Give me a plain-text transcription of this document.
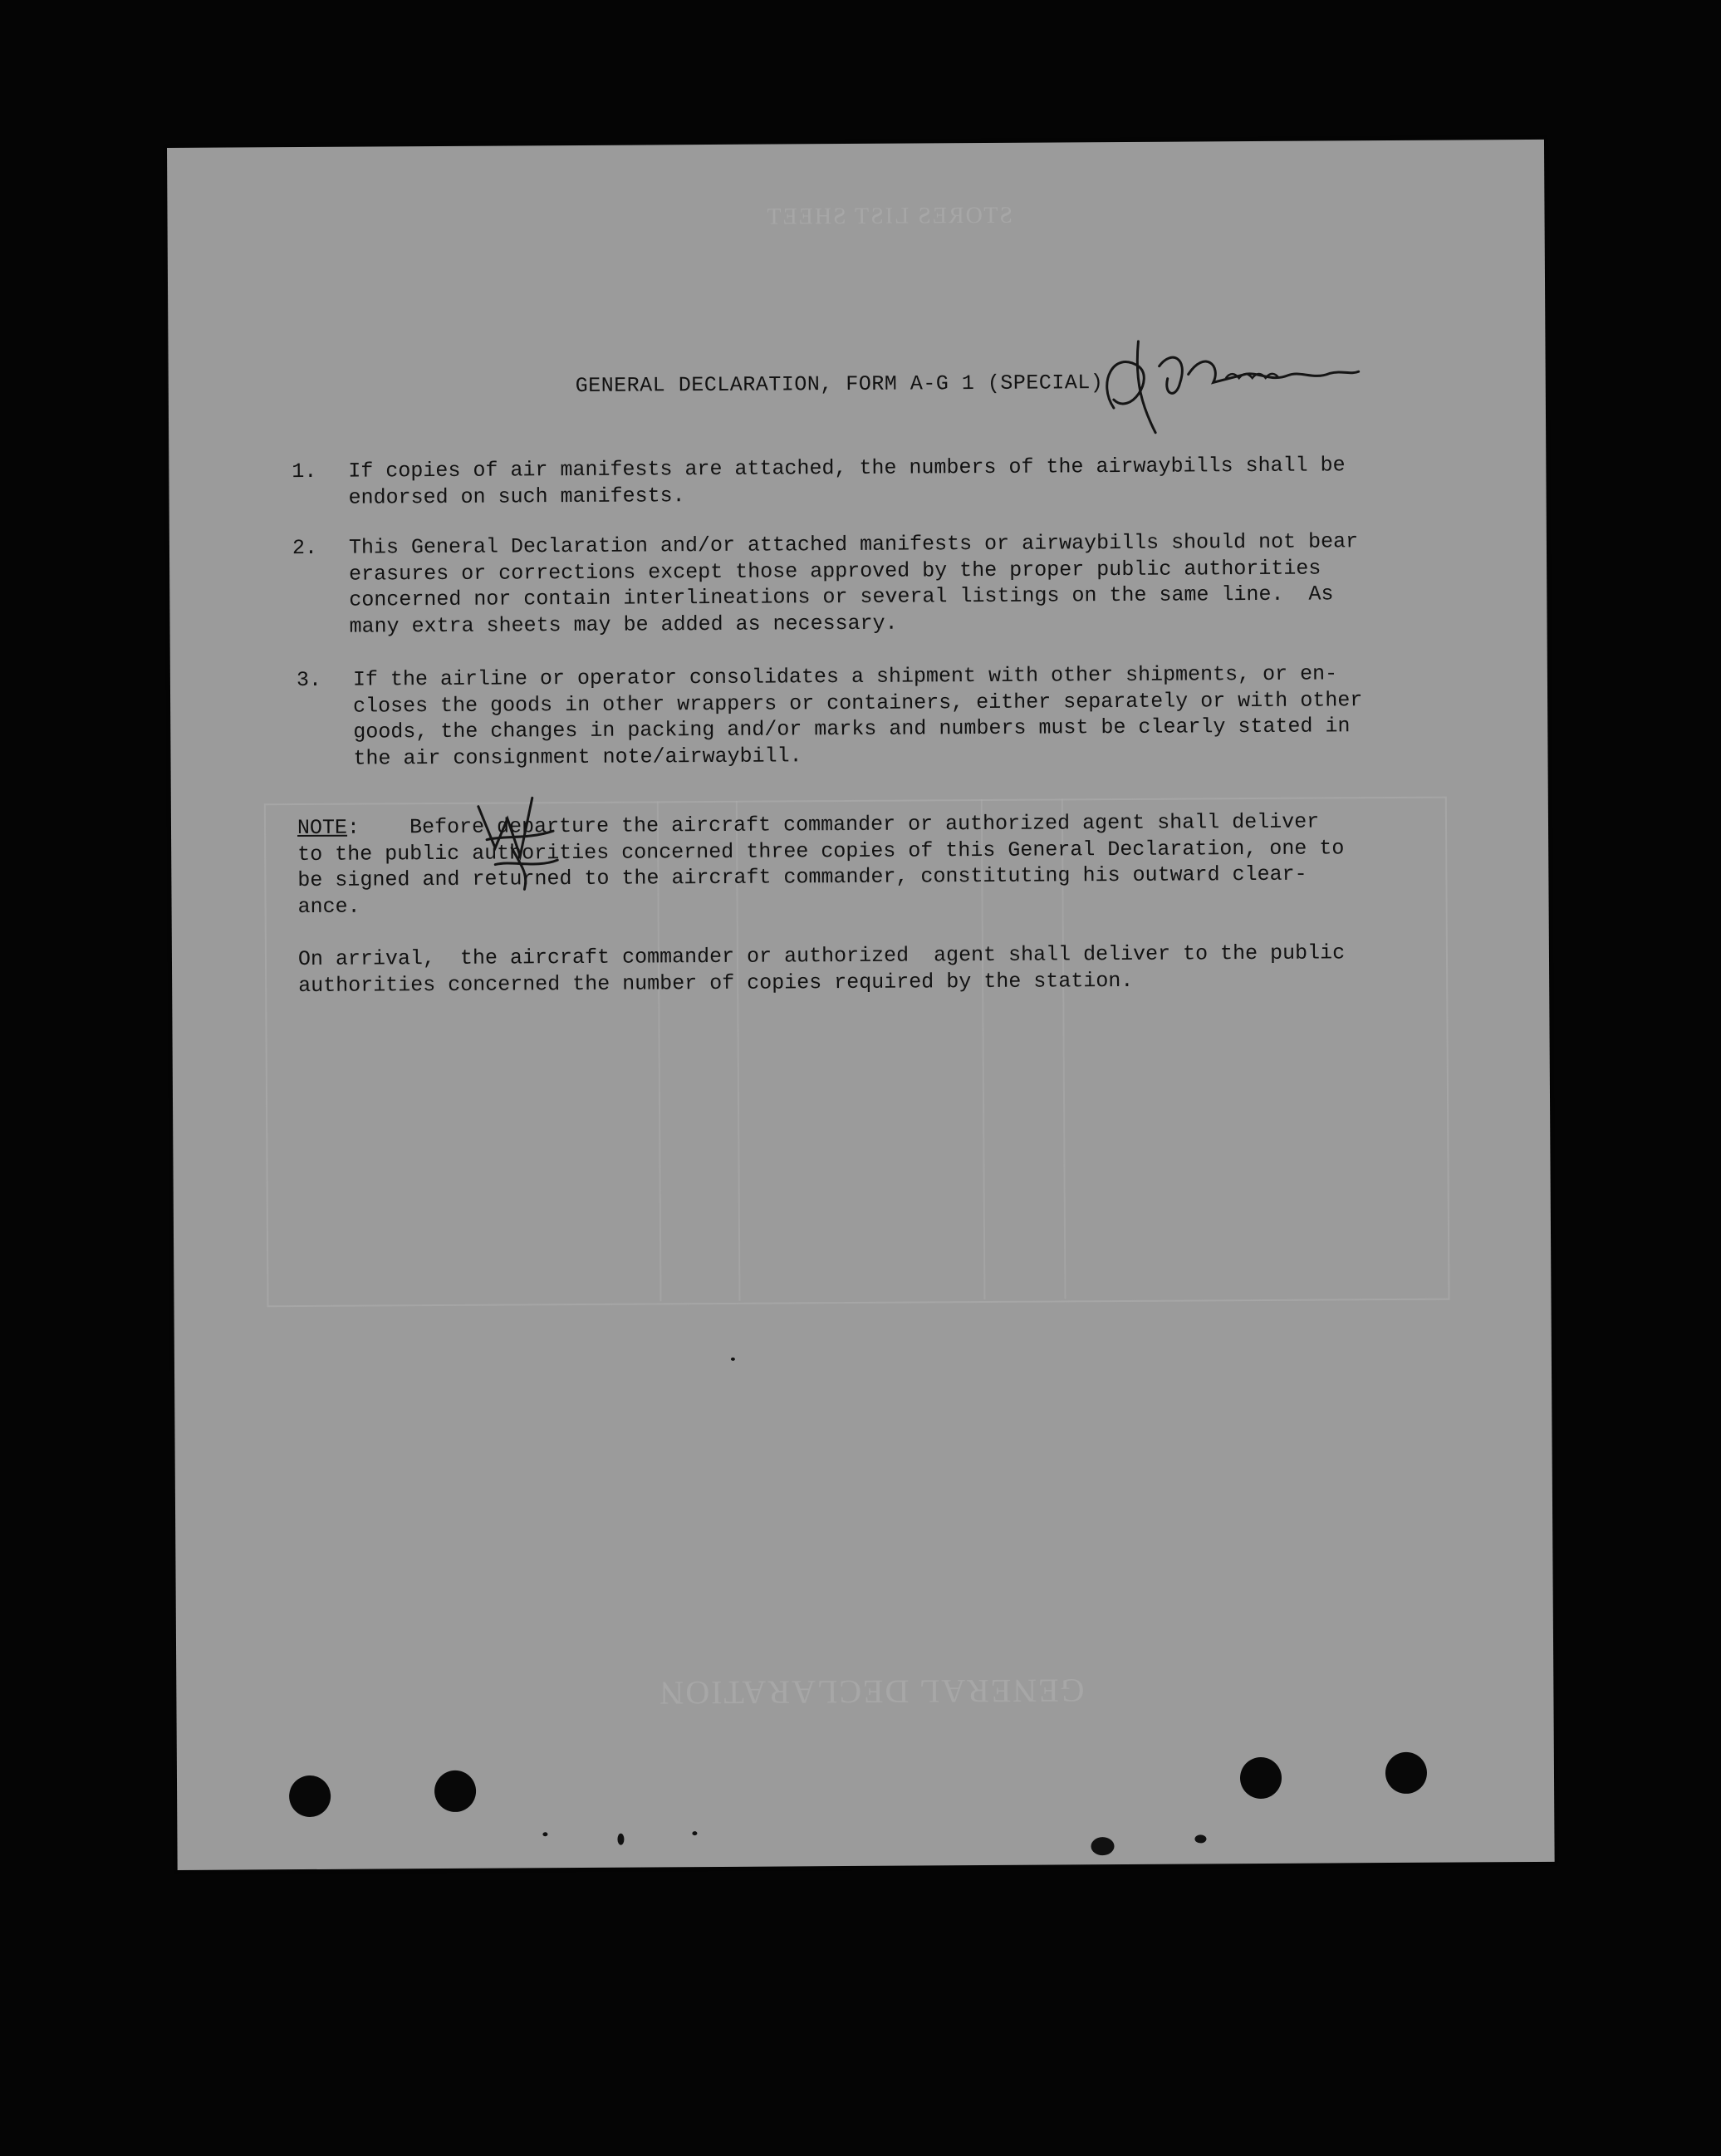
STORES LIST SHEET
GENERAL DECLARATION
GENERAL DECLARATION, FORM A-G 1 (SPECIAL)

1.

	If copies of air manifests are attached, the numbers of the airwaybills shall be
endorsed on such manifests.

2.

	This General Declaration and/or attached manifests or airwaybills should not bear
erasures or corrections except those approved by the proper public authorities
concerned nor contain interlineations or several listings on the same line.  As
many extra sheets may be added as necessary.

3.

	If the airline or operator consolidates a shipment with other shipments, or en-
closes the goods in other wrappers or containers, either separately or with other
goods, the changes in packing and/or marks and numbers must be clearly stated in
the air consignment note/airwaybill.

NOTE:    Before departure the aircraft commander or authorized agent shall deliver
to the public authorities concerned three copies of this General Declaration, one to
be signed and returned to the aircraft commander, constituting his outward clear-
ance.
On arrival,  the aircraft commander or authorized  agent shall deliver to the public
authorities concerned the number of copies required by the station.
